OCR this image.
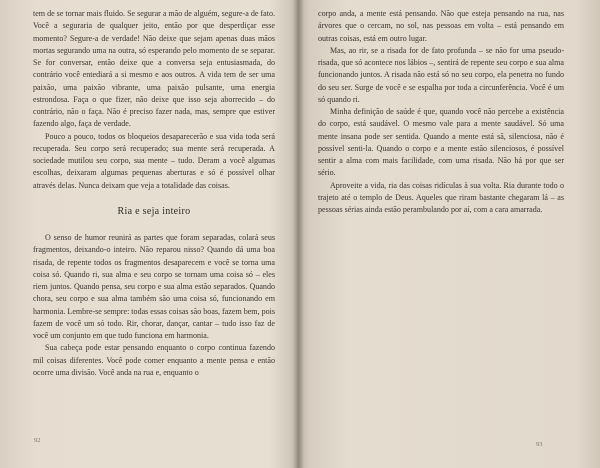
tem de se tornar mais fluido. Se segurar a mão de alguém, segure-a de fato. Você a seguraria de qualquer jeito, então por que desperdiçar esse momento? Segure-a de verdade! Não deixe que sejam apenas duas mãos mortas segurando uma na outra, só esperando pelo momento de se separar. Se for conversar, então deixe que a conversa seja entusiasmada, do contrário você entediará a si mesmo e aos outros. A vida tem de ser uma paixão, uma paixão vibrante, uma paixão pulsante, uma energia estrondosa. Faça o que fizer, não deixe que isso seja aborrecido – do contrário, não o faça. Não é preciso fazer nada, mas, sempre que estiver fazendo algo, faça de verdade.

Pouco a pouco, todos os bloqueios desaparecerão e sua vida toda será recuperada. Seu corpo será recuperado; sua mente será recuperada. A sociedade mutilou seu corpo, sua mente – tudo. Deram a você algumas escolhas, deixaram algumas pequenas aberturas e só é possível olhar através delas. Nunca deixam que veja a totalidade das coisas.

Ria e seja inteiro

O senso de humor reunirá as partes que foram separadas, colará seus fragmentos, deixando-o inteiro. Não reparou nisso? Quando dá uma boa risada, de repente todos os fragmentos desaparecem e você se torna uma coisa só. Quando ri, sua alma e seu corpo se tornam uma coisa só – eles riem juntos. Quando pensa, seu corpo e sua alma estão separados. Quando chora, seu corpo e sua alma também são uma coisa só, funcionando em harmonia. Lembre-se sempre: todas essas coisas são boas, fazem bem, pois fazem de você um só todo. Rir, chorar, dançar, cantar – tudo isso faz de você um conjunto em que tudo funciona em harmonia.

Sua cabeça pode estar pensando enquanto o corpo continua fazendo mil coisas diferentes. Você pode comer enquanto a mente pensa e então ocorre uma divisão. Você anda na rua e, enquanto o

92

corpo anda, a mente está pensando. Não que esteja pensando na rua, nas árvores que o cercam, no sol, nas pessoas em volta – está pensando em outras coisas, está em outro lugar.

Mas, ao rir, se a risada for de fato profunda – se não for uma pseudo-risada, que só acontece nos lábios –, sentirá de repente seu corpo e sua alma funcionando juntos. A risada não está só no seu corpo, ela penetra no fundo do seu ser. Surge de você e se espalha por toda a circunferência. Você é um só quando ri.

Minha definição de saúde é que, quando você não percebe a existência do corpo, está saudável. O mesmo vale para a mente saudável. Só uma mente insana pode ser sentida. Quando a mente está sã, silenciosa, não é possível senti-la. Quando o corpo e a mente estão silenciosos, é possível sentir a alma com mais facilidade, com uma risada. Não há por que ser sério.

Aproveite a vida, ria das coisas ridículas à sua volta. Ria durante todo o trajeto até o templo de Deus. Aqueles que riram bastante chegaram lá – as pessoas sérias ainda estão perambulando por aí, com a cara amarrada.

93
